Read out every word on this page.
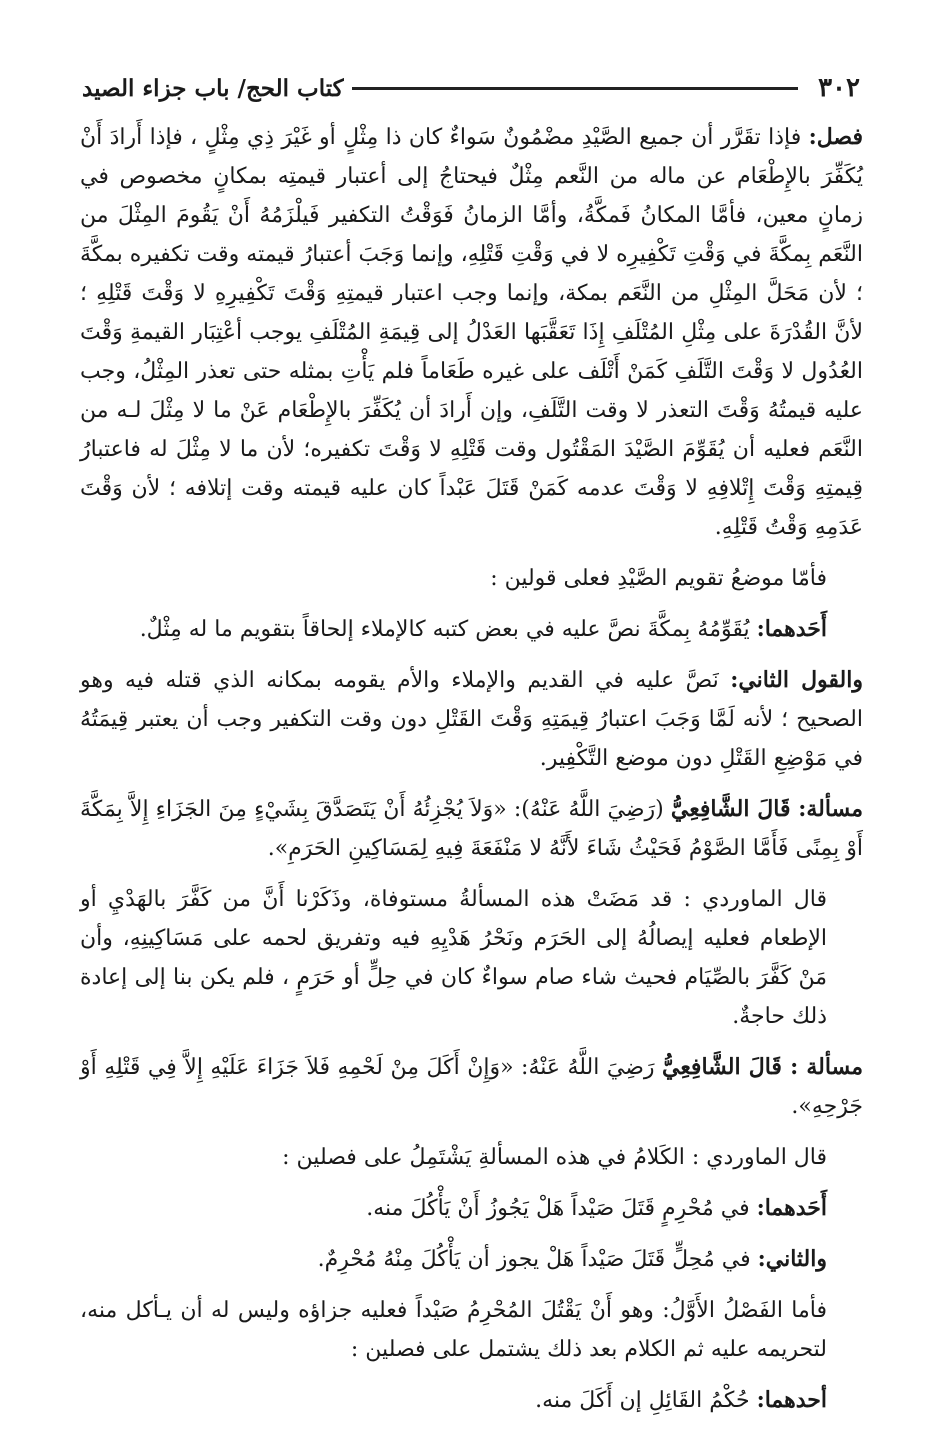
٣٠٢
كتاب الحج/ باب جزاء الصيد

فصل: فإذا تقَرَّر أن جميع الصَّيْدِ مضْمُونٌ سَواءٌ كان ذا مِثْلٍ أو غَيْرَ ذِي مِثْلٍ ، فإذا أَرادَ أَنْ يُكَفِّرَ بالإِطْعَام عن ماله من النَّعم مِثْلٌ فيحتاجُ إلى أعتبار قيمتِه بمكانٍ مخصوص في زمانٍ معين، فأمَّا المكانُ فَمكَّةُ، وأمَّا الزمانُ فَوَقْتُ التكفير فَيلْزَمُهُ أَنْ يَقُومَ المِثْلَ من النَّعَم بِمكَّةَ في وَقْتِ تَكْفِيرِه لا في وَقْتِ قَتْلِهِ، وإنما وَجَبَ أعتبارُ قيمته وقت تكفيره بمكَّةَ ؛ لأن مَحَلَّ المِثْلِ من النَّعَم بمكة، وإنما وجب اعتبار قيمتِهِ وَقْتَ تَكْفِيرِهِ لا وَقْتَ قَتْلِهِ ؛ لأنَّ القُدْرَةَ على مِثْلِ المُتْلَفِ إِذَا تَعَقَّبَها العَدْلُ إلى قِيمَةِ المُتْلَفِ يوجب أعْتِبَار القيمةِ وَقْتَ العُدُول لا وَقْتَ التَّلَفِ كَمَنْ أَتْلَف على غيره طَعَاماً فلم يَأْتِ بمثله حتى تعذر المِثْلُ، وجب عليه قيمتُهُ وَقْتَ التعذر لا وقت التَّلَفِ، وإن أَرادَ أن يُكَفِّرَ بالإِطْعَام عَنْ ما لا مِثْلَ لـه من النَّعَم فعليه أن يُقَوِّمَ الصَّيْدَ المَقْتُول وقت قَتْلِهِ لا وَقْتَ تكفيره؛ لأن ما لا مِثْلَ له فاعتبارُ قِيمتِهِ وَقْتَ إِتْلافِهِ لا وَقْتَ عدمه كَمَنْ قَتَلَ عَبْداً كان عليه قيمته وقت إتلافه ؛ لأن وَقْتَ عَدَمِهِ وَقْتُ قَتْلِهِ.

فأمّا موضعُ تقويم الصَّيْدِ فعلى قولين :

أَحَدهما: يُقَوِّمُهُ بِمكَّةَ نصَّ عليه في بعض كتبه كالإملاء إلحاقاً بتقويم ما له مِثْلٌ.

والقول الثاني: نَصَّ عليه في القديم والإملاء والأم يقومه بمكانه الذي قتله فيه وهو الصحيح ؛ لأنه لَمَّا وَجَبَ اعتبارُ قِيمَتِهِ وَقْتَ القَتْلِ دون وقت التكفير وجب أن يعتبر قِيمَتُهُ في مَوْضِعِ القَتْلِ دون موضع التَّكْفِير.

مسألة: قَالَ الشَّافِعِيُّ (رَضِيَ اللَّهُ عَنْهُ): «وَلاَ يُجْزِئُهُ أَنْ يَتَصَدَّقَ بِشَيْءٍ مِنَ الجَزَاءِ إِلاَّ بِمَكَّةَ أَوْ بِمِنًى فَأَمَّا الصَّوْمُ فَحَيْثُ شَاءَ لأَنَّهُ لا مَنْفَعَةَ فِيهِ لِمَسَاكِينِ الحَرَمِ».

قال الماوردي : قد مَضَتْ هذه المسألةُ مستوفاة، وذَكَرْنا أَنَّ من كَفَّرَ بالهَدْيِ أو الإطعام فعليه إيصالُهُ إلى الحَرَم ونَحْرُ هَدْيِهِ فيه وتفريق لحمه على مَسَاكِينِهِ، وأن مَنْ كَفَّرَ بالصِّيَام فحيث شاء صام سواءٌ كان في حِلٍّ أو حَرَمٍ ، فلم يكن بنا إلى إعادة ذلك حاجةٌ.

مسألة : قَالَ الشَّافِعِيُّ رَضِيَ اللَّهُ عَنْهُ: «وَإِنْ أَكَلَ مِنْ لَحْمِهِ فَلاَ جَزَاءَ عَلَيْهِ إِلاَّ فِي قَتْلِهِ أَوْ جَرْحِهِ».

قال الماوردي : الكَلامُ في هذه المسألةِ يَشْتَمِلُ على فصلين :

أَحَدهما: في مُحْرِمٍ قَتَلَ صَيْداً هَلْ يَجُوزُ أَنْ يَأْكُلَ منه.

والثاني: في مُحِلٍّ قَتَلَ صَيْداً هَلْ يجوز أن يَأْكُلَ مِنْهُ مُحْرِمٌ.

فأما الفَصْلُ الأَوَّلُ: وهو أَنْ يَقْتُلَ المُحْرِمُ صَيْداً فعليه جزاؤه وليس له أن يـأكل منه، لتحريمه عليه ثم الكلام بعد ذلك يشتمل على فصلين :

أحدهما: حُكْمُ القَائِلِ إن أَكَلَ منه.
